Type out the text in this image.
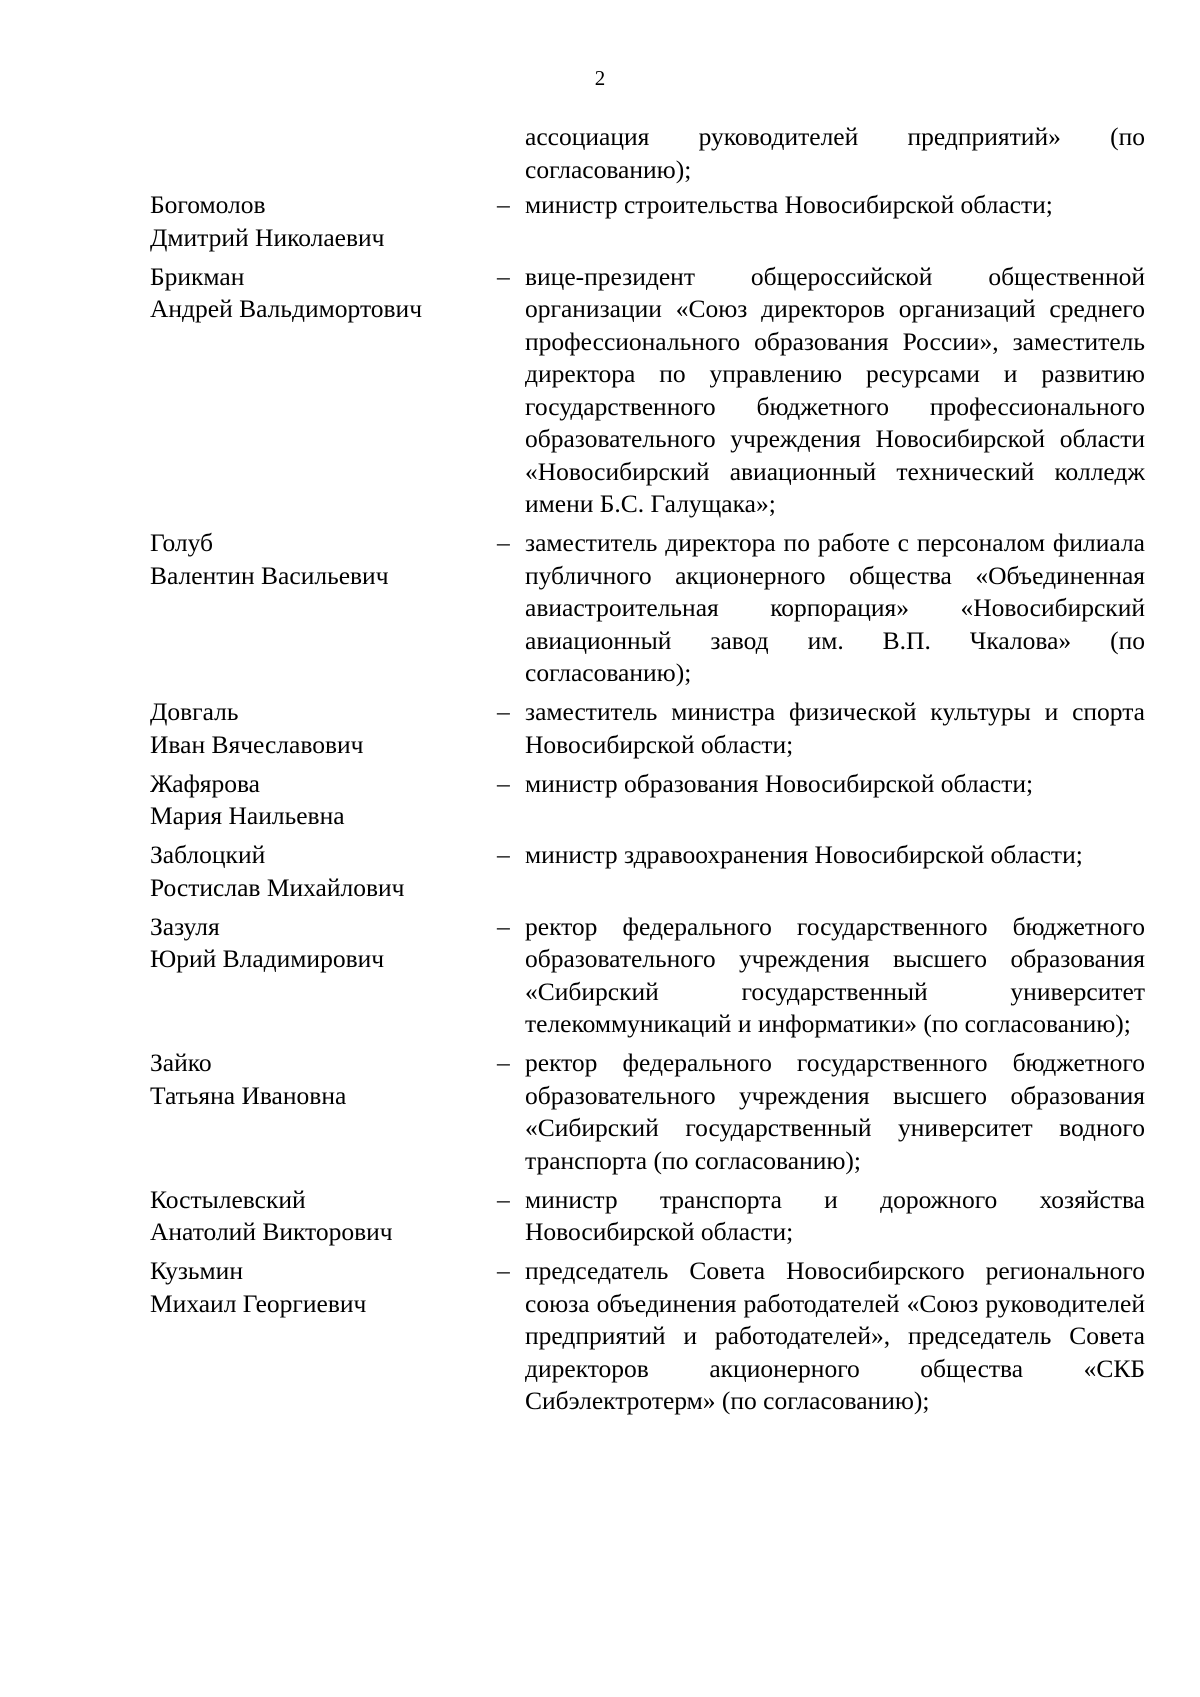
2
ассоциация руководителей предприятий» (по согласованию);
Богомолов
Дмитрий Николаевич
– министр строительства Новосибирской области;
Брикман
Андрей Вальдимортович
– вице-президент общероссийской общественной организации «Союз директоров организаций среднего профессионального образования России», заместитель директора по управлению ресурсами и развитию государственного бюджетного профессионального образовательного учреждения Новосибирской области «Новосибирский авиационный технический колледж имени Б.С. Галущака»;
Голуб
Валентин Васильевич
– заместитель директора по работе с персоналом филиала публичного акционерного общества «Объединенная авиастроительная корпорация» «Новосибирский авиационный завод им. В.П. Чкалова» (по согласованию);
Довгаль
Иван Вячеславович
– заместитель министра физической культуры и спорта Новосибирской области;
Жафярова
Мария Наильевна
– министр образования Новосибирской области;
Заблоцкий
Ростислав Михайлович
– министр здравоохранения Новосибирской области;
Зазуля
Юрий Владимирович
– ректор федерального государственного бюджетного образовательного учреждения высшего образования «Сибирский государственный университет телекоммуникаций и информатики» (по согласованию);
Зайко
Татьяна Ивановна
– ректор федерального государственного бюджетного образовательного учреждения высшего образования «Сибирский государственный университет водного транспорта (по согласованию);
Костылевский
Анатолий Викторович
– министр транспорта и дорожного хозяйства Новосибирской области;
Кузьмин
Михаил Георгиевич
– председатель Совета Новосибирского регионального союза объединения работодателей «Союз руководителей предприятий и работодателей», председатель Совета директоров акционерного общества «СКБ Сибэлектротерм» (по согласованию);
